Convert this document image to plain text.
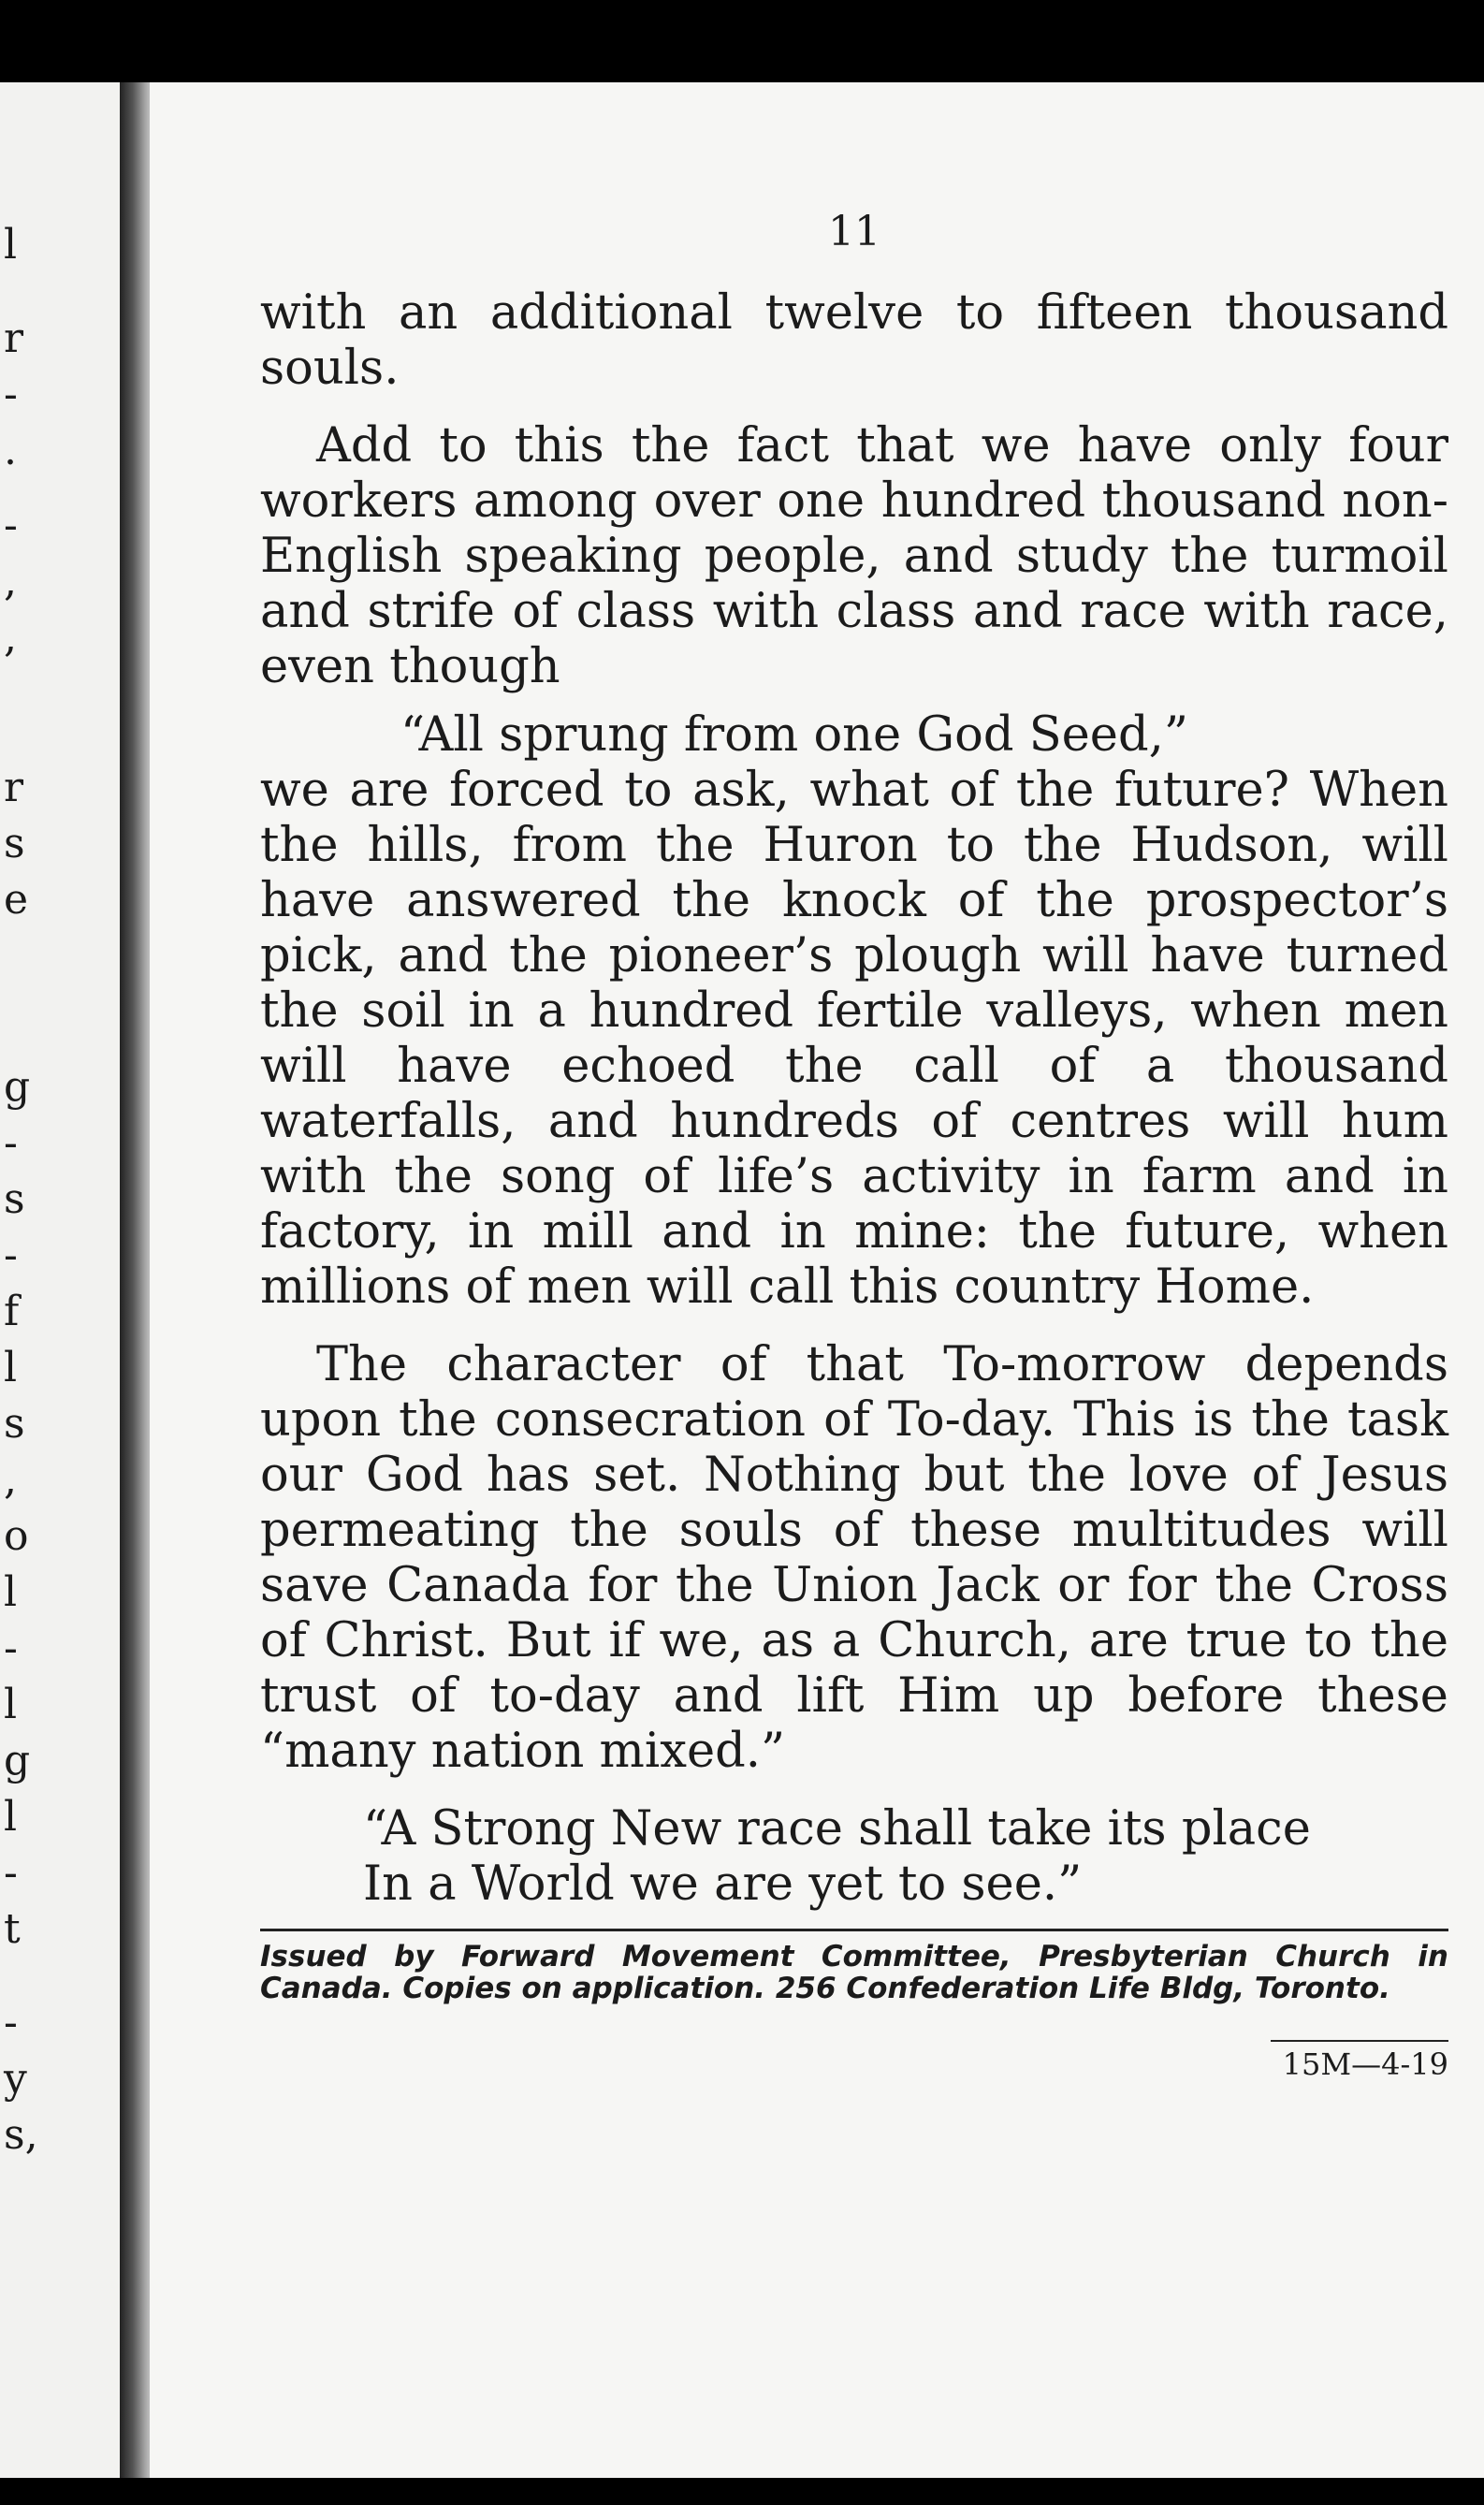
l
r
-
.
-
,
,
r
s
e
g
-
s
-
f
l
s
,
o
l
-
l
g
l
-
t
-
y
s,
11

with an additional twelve to fifteen thousand souls.

Add to this the fact that we have only four workers among over one hundred thousand non-English speaking people, and study the turmoil and strife of class with class and race with race, even though

“All sprung from one God Seed,”

we are forced to ask, what of the future? When the hills, from the Huron to the Hudson, will have answered the knock of the prospector’s pick, and the pioneer’s plough will have turned the soil in a hundred fertile valleys, when men will have echoed the call of a thousand waterfalls, and hundreds of centres will hum with the song of life’s activity in farm and in factory, in mill and in mine: the future, when millions of men will call this country Home.

The character of that To-morrow depends upon the consecration of To-day. This is the task our God has set. Nothing but the love of Jesus permeating the souls of these multitudes will save Canada for the Union Jack or for the Cross of Christ. But if we, as a Church, are true to the trust of to-day and lift Him up before these “many nation mixed.”

“A Strong New race shall take its place
In a World we are yet to see.”

Issued by Forward Movement Committee, Presbyterian Church in Canada. Copies on application. 256 Confederation Life Bldg, Toronto.

15M—4-19
